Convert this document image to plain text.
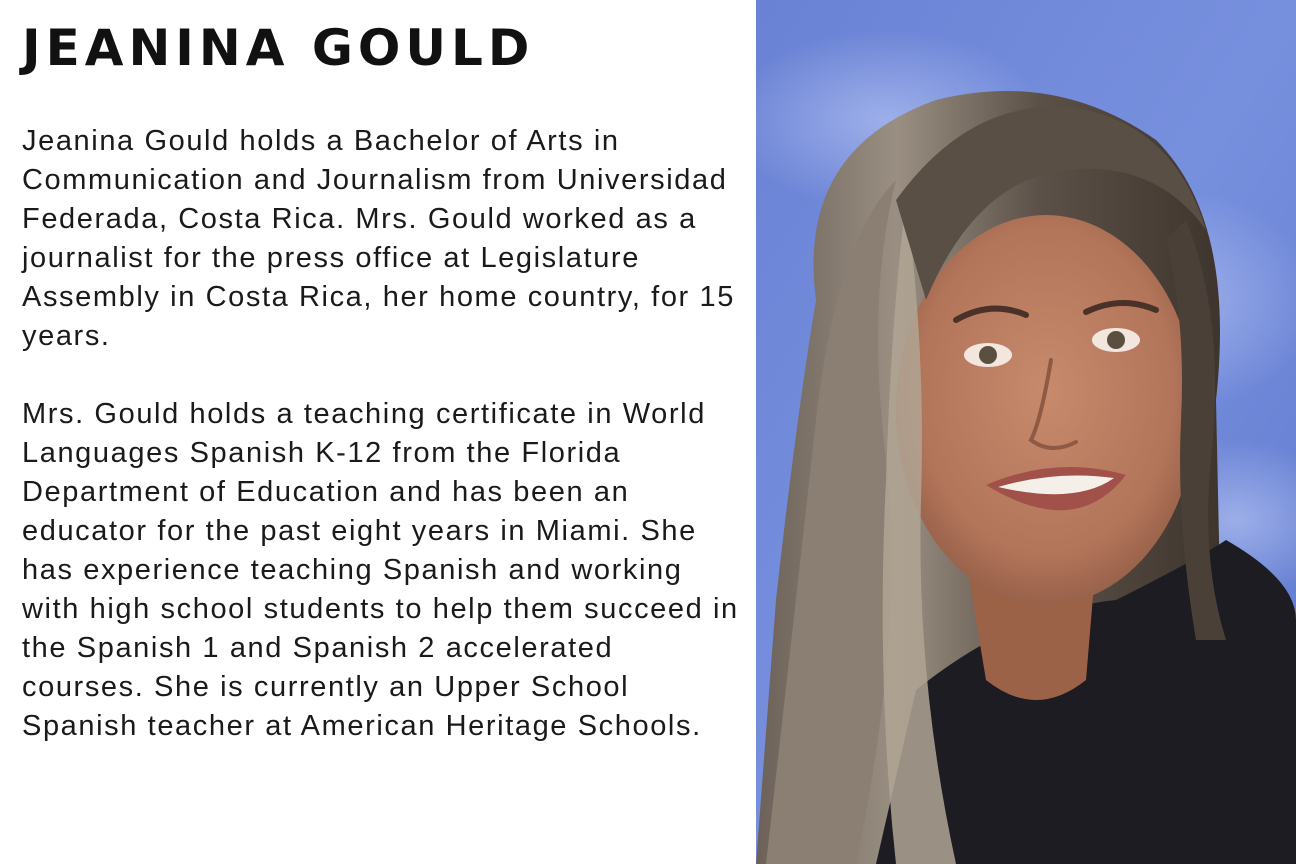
JEANINA GOULD

Jeanina Gould holds a Bachelor of Arts in Communication and Journalism from Universidad Federada, Costa Rica. Mrs. Gould worked as a journalist for the press office at Legislature Assembly in Costa Rica, her home country, for 15 years.

Mrs. Gould holds a teaching certificate in World Languages Spanish K-12 from the Florida Department of Education and has been an educator for the past eight years in Miami. She has experience teaching Spanish and working with high school students to help them succeed in the Spanish 1 and Spanish 2 accelerated courses. She is currently an Upper School Spanish teacher at American Heritage Schools.
